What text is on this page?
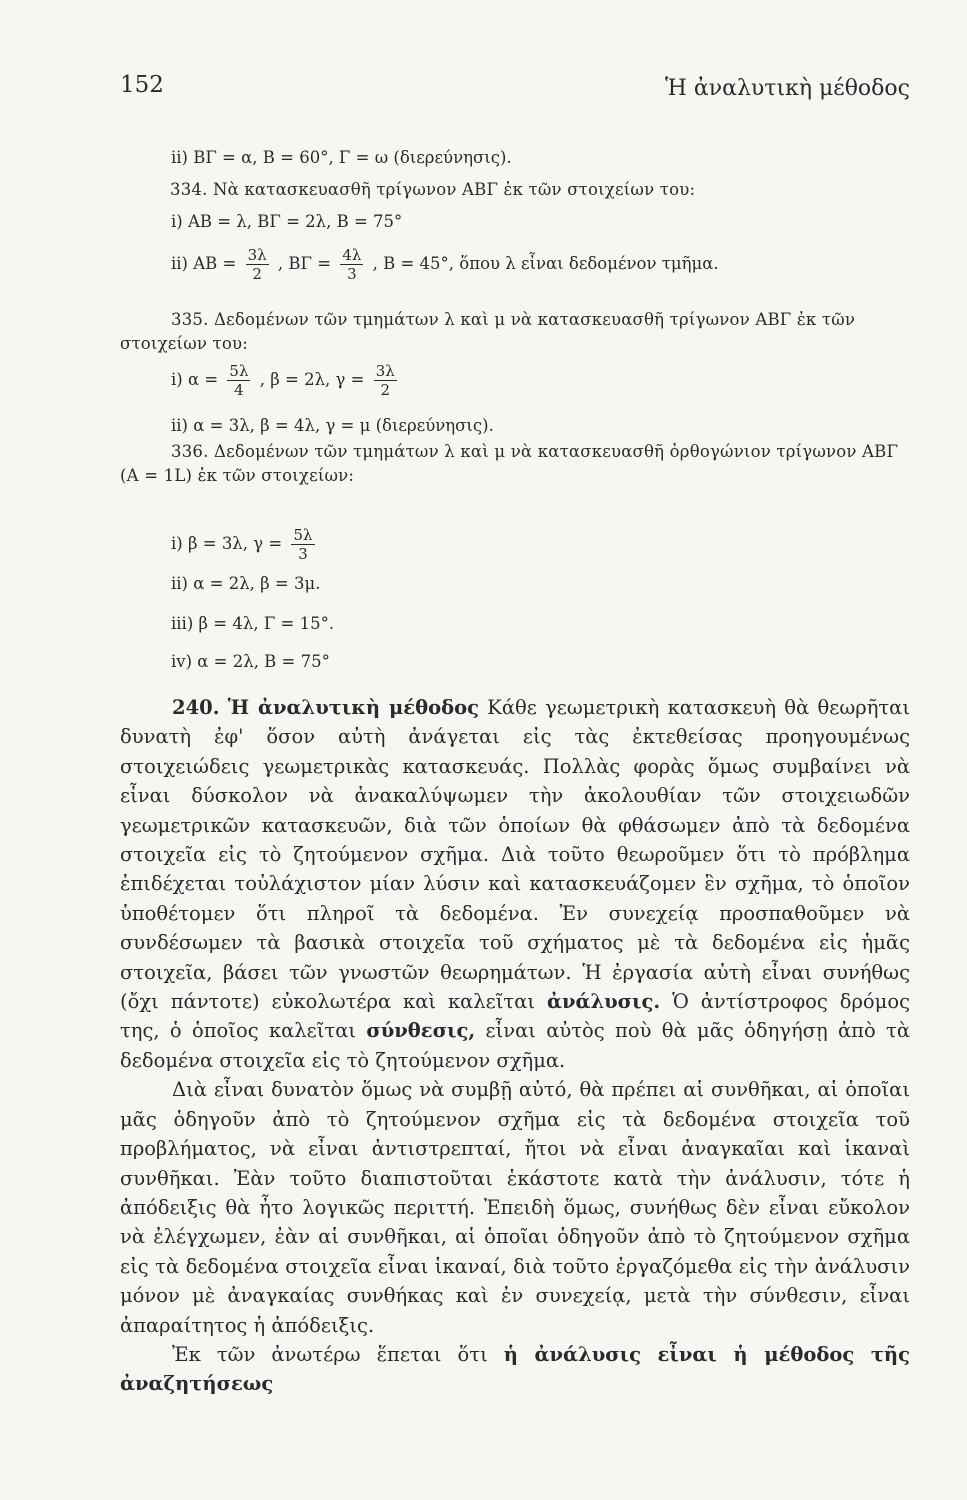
152	Ἡ ἀναλυτικὴ μέθοδος
ii) ΒΓ = α, Β = 60°, Γ = ω (διερεύνησις).
334. Νὰ κατασκευασθῆ τρίγωνον ΑΒΓ ἐκ τῶν στοιχείων του:
i) ΑΒ = λ, ΒΓ = 2λ, Β = 75°
ii) $AB = \frac{3\lambda}{2}$ , $B\Gamma = \frac{4\lambda}{3}$ , Β = 45°, ὅπου λ εἶναι δεδομένον τμῆμα.
335. Δεδομένων τῶν τμημάτων λ καὶ μ νὰ κατασκευασθῆ τρίγωνον ΑΒΓ ἐκ τῶν στοιχείων του:
i) $\alpha = \frac{5\lambda}{4}$ , β = 2λ, $\gamma = \frac{3\lambda}{2}$
ii) α = 3λ, β = 4λ, γ = μ (διερεύνησις).
336. Δεδομένων τῶν τμημάτων λ καὶ μ νὰ κατασκευασθῆ ὀρθογώνιον τρίγωνον ΑΒΓ (Α = 1L) ἐκ τῶν στοιχείων:
i) β = 3λ, $\gamma = \frac{5\lambda}{3}$
ii) α = 2λ, β = 3μ.
iii) β = 4λ, Γ = 15°.
iv) α = 2λ, Β = 75°

240. Ἡ ἀναλυτικὴ μέθοδος Κάθε γεωμετρικὴ κατασκευὴ θὰ θεωρῆται δυνατὴ ἐφ' ὅσον αὐτὴ ἀνάγεται εἰς τὰς ἐκτεθείσας προηγουμένως στοιχειώδεις γεωμετρικὰς κατασκευάς. Πολλὰς φορὰς ὅμως συμβαίνει νὰ εἶναι δύσκολον νὰ ἀνακαλύψωμεν τὴν ἀκολουθίαν τῶν στοιχειωδῶν γεωμετρικῶν κατασκευῶν, διὰ τῶν ὁποίων θὰ φθάσωμεν ἀπὸ τὰ δεδομένα στοιχεῖα εἰς τὸ ζητούμενον σχῆμα. Διὰ τοῦτο θεωροῦμεν ὅτι τὸ πρόβλημα ἐπιδέχεται τοὐλάχιστον μίαν λύσιν καὶ κατασκευάζομεν ἓν σχῆμα, τὸ ὁποῖον ὑποθέτομεν ὅτι πληροῖ τὰ δεδομένα. Ἐν συνεχείᾳ προσπαθοῦμεν νὰ συνδέσωμεν τὰ βασικὰ στοιχεῖα τοῦ σχήματος μὲ τὰ δεδομένα εἰς ἡμᾶς στοιχεῖα, βάσει τῶν γνωστῶν θεωρημάτων. Ἡ ἐργασία αὐτὴ εἶναι συνήθως (ὄχι πάντοτε) εὐκολωτέρα καὶ καλεῖται ἀνάλυσις. Ὁ ἀντίστροφος δρόμος της, ὁ ὁποῖος καλεῖται σύνθεσις, εἶναι αὐτὸς ποὺ θὰ μᾶς ὁδηγήσῃ ἀπὸ τὰ δεδομένα στοιχεῖα εἰς τὸ ζητούμενον σχῆμα.

Διὰ εἶναι δυνατὸν ὅμως νὰ συμβῇ αὐτό, θὰ πρέπει αἱ συνθῆκαι, αἱ ὁποῖαι μᾶς ὁδηγοῦν ἀπὸ τὸ ζητούμενον σχῆμα εἰς τὰ δεδομένα στοιχεῖα τοῦ προβλήματος, νὰ εἶναι ἀντιστρεπταί, ἤτοι νὰ εἶναι ἀναγκαῖαι καὶ ἱκαναὶ συνθῆκαι. Ἐὰν τοῦτο διαπιστοῦται ἑκάστοτε κατὰ τὴν ἀνάλυσιν, τότε ἡ ἀπόδειξις θὰ ἦτο λογικῶς περιττή. Ἐπειδὴ ὅμως, συνήθως δὲν εἶναι εὔκολον νὰ ἐλέγχωμεν, ἐὰν αἱ συνθῆκαι, αἱ ὁποῖαι ὁδηγοῦν ἀπὸ τὸ ζητούμενον σχῆμα εἰς τὰ δεδομένα στοιχεῖα εἶναι ἱκαναί, διὰ τοῦτο ἐργαζόμεθα εἰς τὴν ἀνάλυσιν μόνον μὲ ἀναγκαίας συνθήκας καὶ ἐν συνεχείᾳ, μετὰ τὴν σύνθεσιν, εἶναι ἀπαραίτητος ἡ ἀπόδειξις.

Ἐκ τῶν ἀνωτέρω ἕπεται ὅτι ἡ ἀνάλυσις εἶναι ἡ μέθοδος τῆς ἀναζητήσεως
